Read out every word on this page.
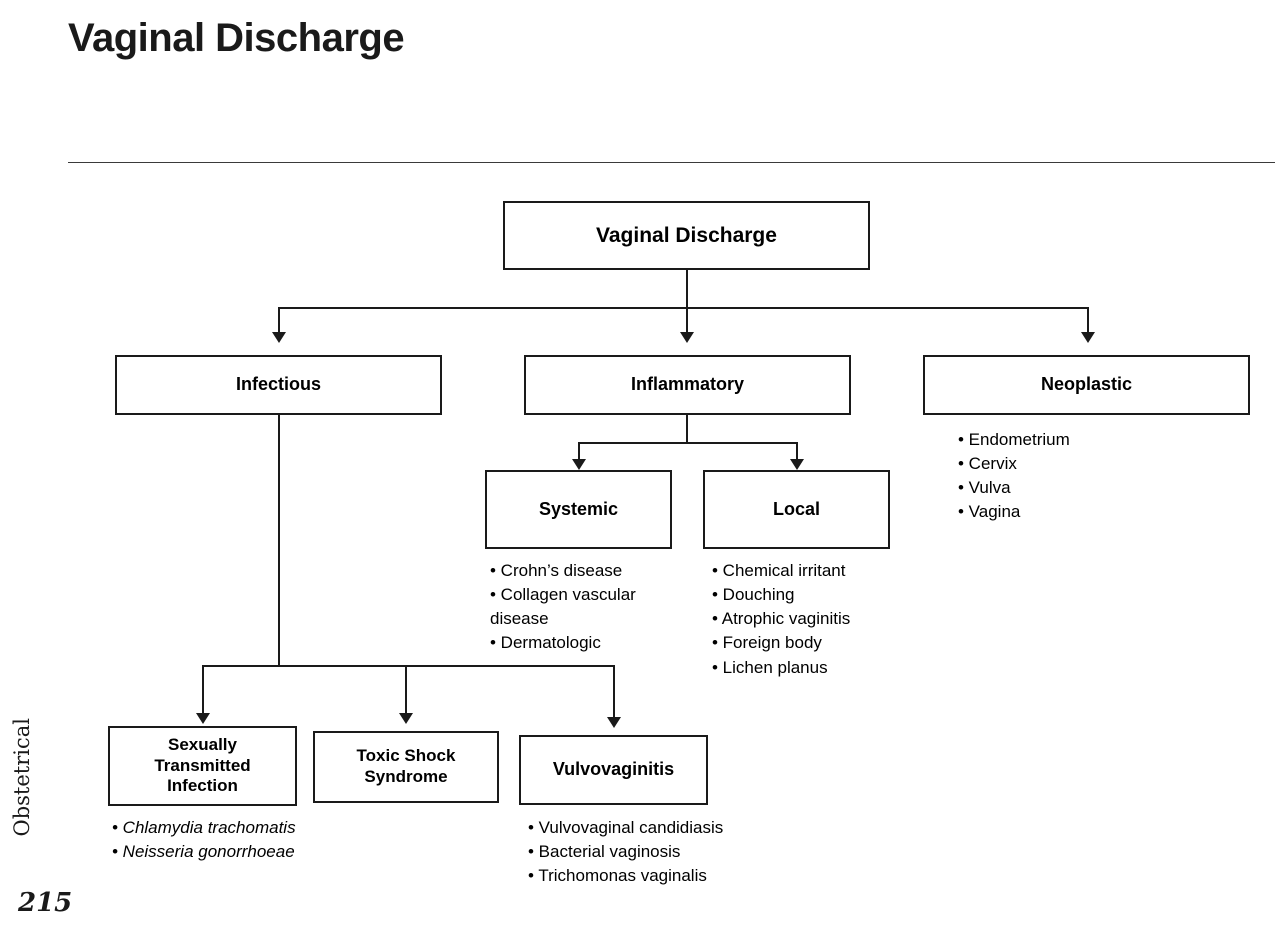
Vaginal Discharge
Obstetrical
215
Vaginal Discharge
Infectious	Inflammatory	Neoplastic
• Endometrium
• Cervix
• Vulva
• Vagina
Systemic	Local
• Crohn’s disease
• Collagen vascular disease
• Dermatologic
• Chemical irritant
• Douching
• Atrophic vaginitis
• Foreign body
• Lichen planus
Sexually Transmitted Infection
Toxic Shock Syndrome	Vulvovaginitis
• Chlamydia trachomatis
• Neisseria gonorrhoeae
• Vulvovaginal candidiasis
• Bacterial vaginosis
• Trichomonas vaginalis
